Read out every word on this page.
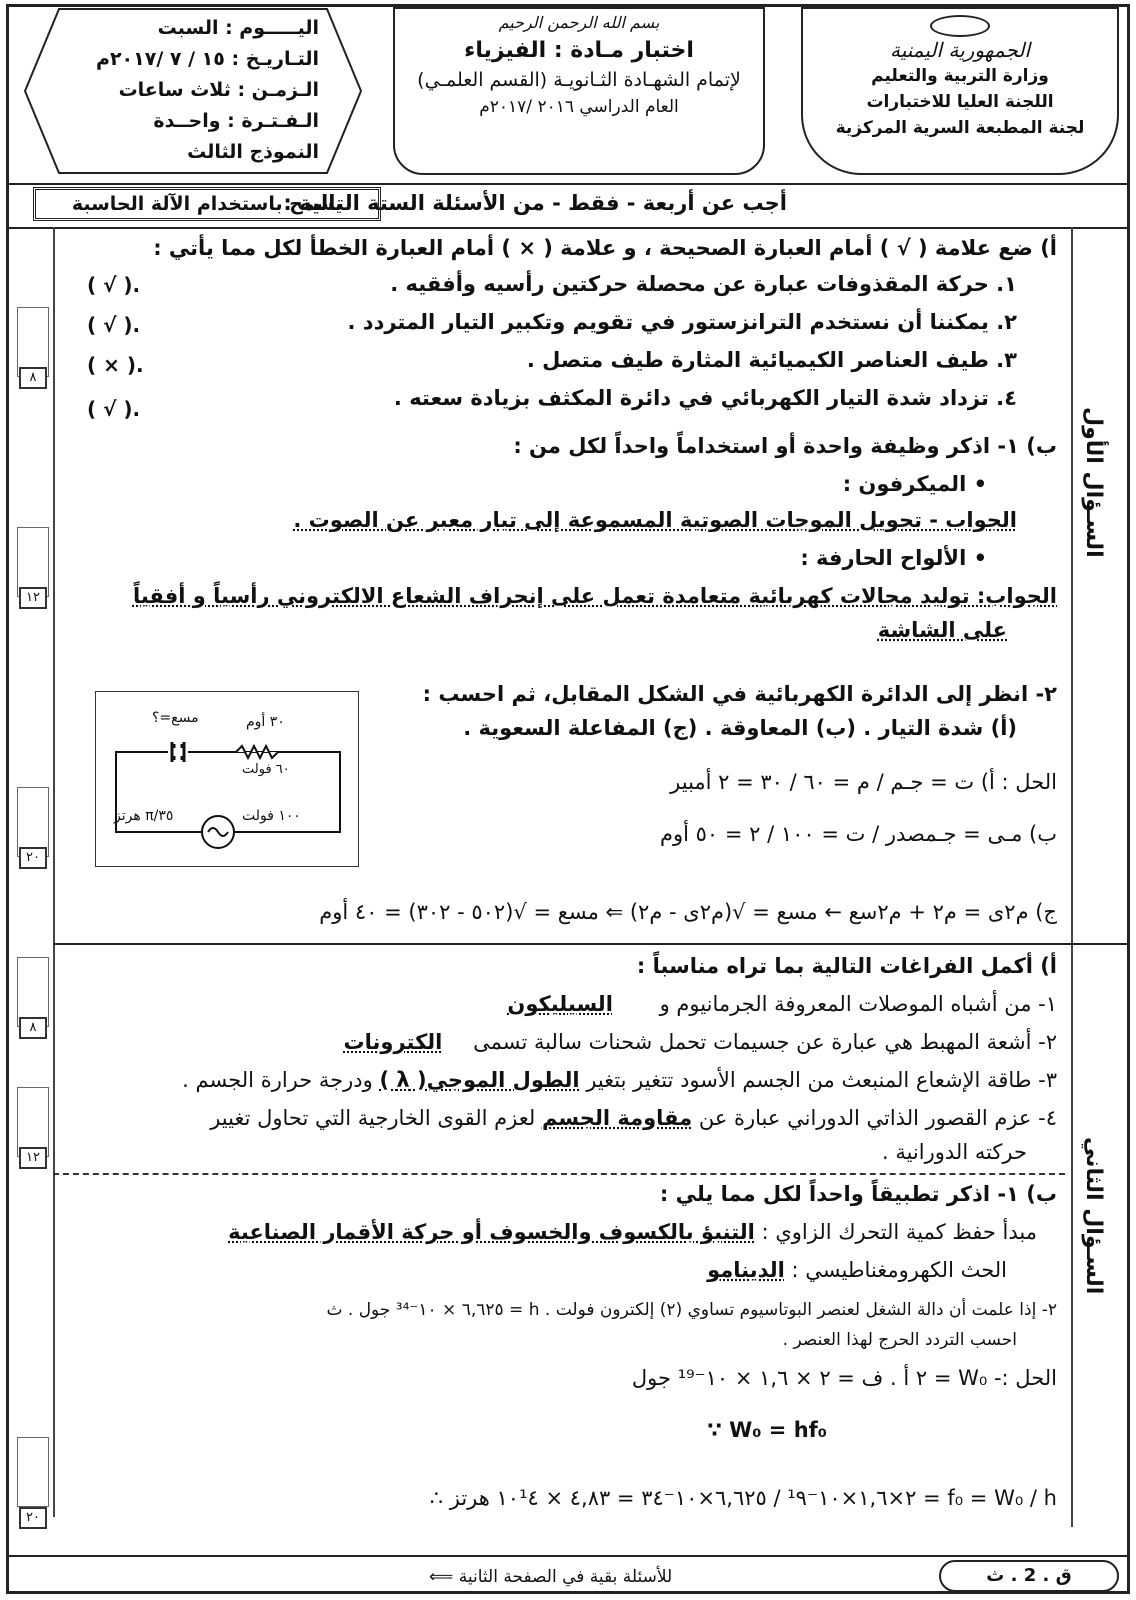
الجمهورية اليمنية
وزارة التربية والتعليم
اللجنة العليا للاختبارات
لجنة المطبعة السرية المركزية
بسم الله الرحمن الرحيم
اختبار مـادة : الفيزياء
لإتمام الشهـادة الثـانويـة (القسم العلمـي)
العام الدراسي ٢٠١٦ /٢٠١٧م
اليـــــوم : السبت
التـاريـخ : ١٥ / ٧ /٢٠١٧م
الـزمـن : ثلاث ساعات
الـفـتـرة : واحــدة
النموذج الثالث
أجب عن أربعة - فقط - من الأسئلة الستة التالية :
يسمح باستخدام الآلة الحاسبة
السـؤال الأول
السـؤال الثاني
٨
١٢
٢٠
أ) ضع علامة ( √ ) أمام العبارة الصحيحة ، و علامة ( × ) أمام العبارة الخطأ لكل مما يأتي :
١. حركة المقذوفات عبارة عن محصلة حركتين رأسيه وأفقيه .
.( √ )
٢. يمكننا أن نستخدم الترانزستور في تقويم وتكبير التيار المتردد .
.( √ )
٣. طيف العناصر الكيميائية المثارة طيف متصل .
.( × )
٤. تزداد شدة التيار الكهربائي في دائرة المكثف بزيادة سعته .
.( √ )
ب) ١- اذكر وظيفة واحدة أو استخداماً واحداً لكل من :
• الميكرفون :
الجواب - تحويل الموجات الصوتية المسموعة إلى تيار معبر عن الصوت .
• الألواح الحارفة :
الجواب: توليد مجالات كهربائية متعامدة تعمل على إنحراف الشعاع الالكتروني رأسياً و أفقياً
على الشاشة
٢- انظر إلى الدائرة الكهربائية في الشكل المقابل، ثم احسب :
(أ) شدة التيار . (ب) المعاوقة . (ج) المفاعلة السعوية .
الحل : أ) ت = جـم / م = ٦٠ / ٣٠ = ٢ أمبير
ب) مـى = جـمصدر / ت = ١٠٠ / ٢ = ٥٠ أوم
ج) م٢ى = م٢ + م٢سع ← مسع = √(م٢ى - م٢) ⇐ مسع = √(٥٠٢ - ٣٠٢) = ٤٠ أوم
مسع=؟	٣٠ أوم
٦٠ فولت
١٠٠ فولت
٣٥/π هرتز
٨
١٢
٢٠
أ) أكمل الفراغات التالية بما تراه مناسباً :
١- من أشباه الموصلات المعروفة الجرمانيوم و السيليكون
٢- أشعة المهبط هي عبارة عن جسيمات تحمل شحنات سالبة تسمى الكترونات
٣- طاقة الإشعاع المنبعث من الجسم الأسود تتغير بتغير الطول الموجي( λ ) ودرجة حرارة الجسم .
٤- عزم القصور الذاتي الدوراني عبارة عن مقاومة الجسم لعزم القوى الخارجية التي تحاول تغيير
حركته الدورانية .
ب) ١- اذكر تطبيقاً واحداً لكل مما يلي :
مبدأ حفظ كمية التحرك الزاوي : التنبؤ بالكسوف والخسوف أو حركة الأقمار الصناعية
الحث الكهرومغناطيسي : الدينامو
٢- إذا علمت أن دالة الشغل لعنصر البوتاسيوم تساوي (٢) إلكترون فولت . h = ٦,٦٢٥ × ١٠⁻³⁴ جول . ث
احسب التردد الحرج لهذا العنصر .
الحل :- W₀ = ٢ أ . ف = ٢ × ١,٦ × ١٠⁻¹⁹ جول
W₀ = hf₀ ∵
f₀ = W₀ / h = ٢×١,٦×١٠⁻¹٩ / ٦,٦٢٥×١٠⁻٣٤ = ٤,٨٣ × ١٠¹٤ هرتز ∴
للأسئلة بقية في الصفحة الثانية ⟸	ق . 2 . ث
